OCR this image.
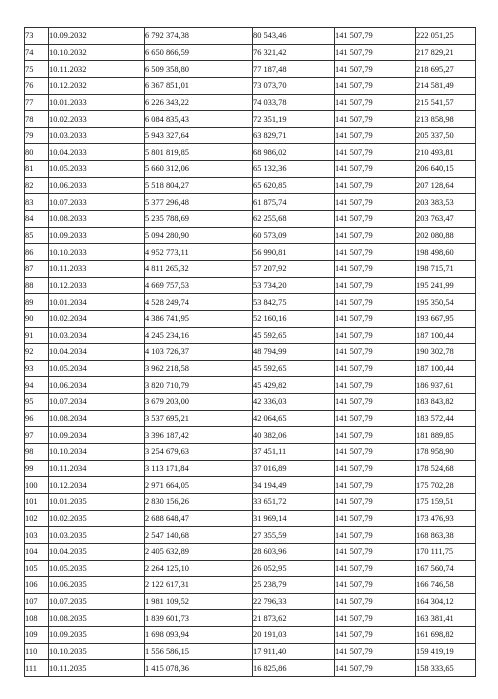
73	10.09.2032	6 792 374,38	80 543,46	141 507,79	222 051,25
74	10.10.2032	6 650 866,59	76 321,42	141 507,79	217 829,21
75	10.11.2032	6 509 358,80	77 187,48	141 507,79	218 695,27
76	10.12.2032	6 367 851,01	73 073,70	141 507,79	214 581,49
77	10.01.2033	6 226 343,22	74 033,78	141 507,79	215 541,57
78	10.02.2033	6 084 835,43	72 351,19	141 507,79	213 858,98
79	10.03.2033	5 943 327,64	63 829,71	141 507,79	205 337,50
80	10.04.2033	5 801 819,85	68 986,02	141 507,79	210 493,81
81	10.05.2033	5 660 312,06	65 132,36	141 507,79	206 640,15
82	10.06.2033	5 518 804,27	65 620,85	141 507,79	207 128,64
83	10.07.2033	5 377 296,48	61 875,74	141 507,79	203 383,53
84	10.08.2033	5 235 788,69	62 255,68	141 507,79	203 763,47
85	10.09.2033	5 094 280,90	60 573,09	141 507,79	202 080,88
86	10.10.2033	4 952 773,11	56 990,81	141 507,79	198 498,60
87	10.11.2033	4 811 265,32	57 207,92	141 507,79	198 715,71
88	10.12.2033	4 669 757,53	53 734,20	141 507,79	195 241,99
89	10.01.2034	4 528 249,74	53 842,75	141 507,79	195 350,54
90	10.02.2034	4 386 741,95	52 160,16	141 507,79	193 667,95
91	10.03.2034	4 245 234,16	45 592,65	141 507,79	187 100,44
92	10.04.2034	4 103 726,37	48 794,99	141 507,79	190 302,78
93	10.05.2034	3 962 218,58	45 592,65	141 507,79	187 100,44
94	10.06.2034	3 820 710,79	45 429,82	141 507,79	186 937,61
95	10.07.2034	3 679 203,00	42 336,03	141 507,79	183 843,82
96	10.08.2034	3 537 695,21	42 064,65	141 507,79	183 572,44
97	10.09.2034	3 396 187,42	40 382,06	141 507,79	181 889,85
98	10.10.2034	3 254 679,63	37 451,11	141 507,79	178 958,90
99	10.11.2034	3 113 171,84	37 016,89	141 507,79	178 524,68
100	10.12.2034	2 971 664,05	34 194,49	141 507,79	175 702,28
101	10.01.2035	2 830 156,26	33 651,72	141 507,79	175 159,51
102	10.02.2035	2 688 648,47	31 969,14	141 507,79	173 476,93
103	10.03.2035	2 547 140,68	27 355,59	141 507,79	168 863,38
104	10.04.2035	2 405 632,89	28 603,96	141 507,79	170 111,75
105	10.05.2035	2 264 125,10	26 052,95	141 507,79	167 560,74
106	10.06.2035	2 122 617,31	25 238,79	141 507,79	166 746,58
107	10.07.2035	1 981 109,52	22 796,33	141 507,79	164 304,12
108	10.08.2035	1 839 601,73	21 873,62	141 507,79	163 381,41
109	10.09.2035	1 698 093,94	20 191,03	141 507,79	161 698,82
110	10.10.2035	1 556 586,15	17 911,40	141 507,79	159 419,19
111	10.11.2035	1 415 078,36	16 825,86	141 507,79	158 333,65
